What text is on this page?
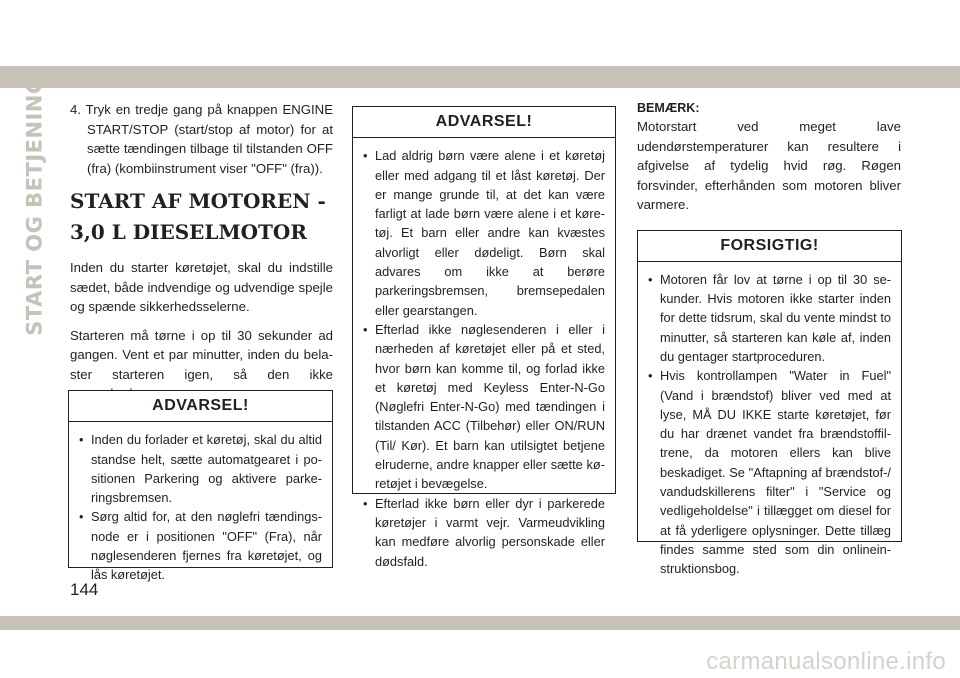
START OG BETJENING 4. Tryk en tredje gang på knappen ENGINE START/STOP (start/stop af motor) for at sætte tændingen tilbage til tilstanden OFF (fra) (kombiinstrument viser "OFF" (fra)).
START AF MOTOREN - 3,0 L DIESELMOTOR

Inden du starter køretøjet, skal du indstille sædet, både indvendige og udvendige spejle og spænde sikkerhedsselerne.

Starteren må tørne i op til 30 sekunder ad gangen. Vent et par minutter, inden du belaster starteren igen, så den ikke

ADVARSEL!
• Inden du forlader et køretøj, skal du altid standse helt, sætte automatgearet i positionen Parkering og aktivere parkeringsbremsen.
• Sørg altid for, at den nøglefri tændingsnode er i positionen "OFF" (Fra), når nøglesenderen fjernes fra køretøjet, og lås køretøjet.
ADVARSEL!
• Lad aldrig børn være alene i et køretøj eller med adgang til et låst køretøj. Der er mange grunde til, at det kan være farligt at lade børn være alene i et køretøj. Et barn eller andre kan kvæstes alvorligt eller dødeligt. Børn skal advares om ikke at berøre parkeringsbremsen, bremsepedalen eller gearstangen.
• Efterlad ikke nøglesenderen i eller i nærheden af køretøjet eller på et sted, hvor børn kan komme til, og forlad ikke et køretøj med Keyless Enter-N-Go (Nøglefri Enter-N-Go) med tændingen i tilstanden ACC (Tilbehør) eller ON/RUN (Til/ Kør). Et barn kan utilsigtet betjene elruderne, andre knapper eller sætte køretøjet i bevægelse.
• Efterlad ikke børn eller dyr i parkerede køretøjer i varmt vejr. Varmeudvikling kan medføre alvorlig personskade eller dødsfald.
BEMÆRK:

Motorstart ved meget lave udendørstemperaturer kan resultere i afgivelse af tydelig hvid røg. Røgen forsvinder, efterhånden som motoren bliver varmere.

FORSIGTIG!
• Motoren får lov at tørne i op til 30 sekunder. Hvis motoren ikke starter inden for dette tidsrum, skal du vente mindst to minutter, så starteren kan køle af, inden du gentager startproceduren.
• Hvis kontrollampen "Water in Fuel" (Vand i brændstof) bliver ved med at lyse, MÅ DU IKKE starte køretøjet, før du har drænet vandet fra brændstoffiltrene, da motoren ellers kan blive beskadiget. Se "Aftapning af brændstof-/ vandudskillerens filter" i "Service og vedligeholdelse" i tillægget om diesel for at få yderligere oplysninger. Dette tillæg findes samme sted som din onlineinstruktionsbog.
144
carmanualsonline.info
